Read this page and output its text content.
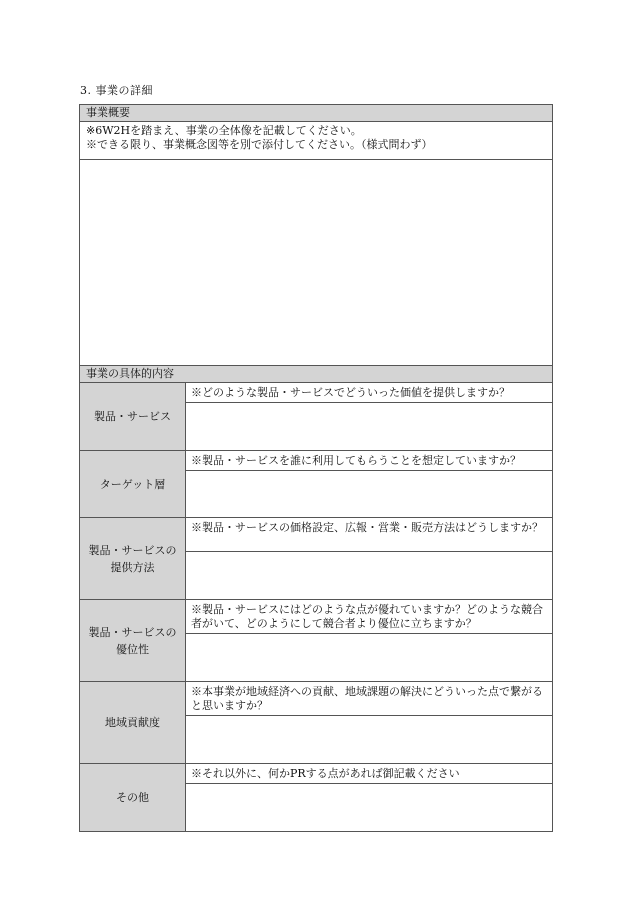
3. 事業の詳細
事業概要	

※6W2Hを踏まえ、事業の全体像を記載してください。
※できる限り、事業概念図等を別で添付してください。（様式問わず）	

事業の具体的内容	

製品・サービス	※どのような製品・サービスでどういった価値を提供しますか？

ターゲット層	※製品・サービスを誰に利用してもらうことを想定していますか？

製品・サービスの
提供方法	※製品・サービスの価格設定、広報・営業・販売方法はどうしますか？

製品・サービスの
優位性	※製品・サービスにはどのような点が優れていますか？どのような競合者がいて、どのようにして競合者より優位に立ちますか？

地域貢献度	※本事業が地域経済への貢献、地域課題の解決にどういった点で繋がると思いますか？

その他	※それ以外に、何かPRする点があれば御記載ください
